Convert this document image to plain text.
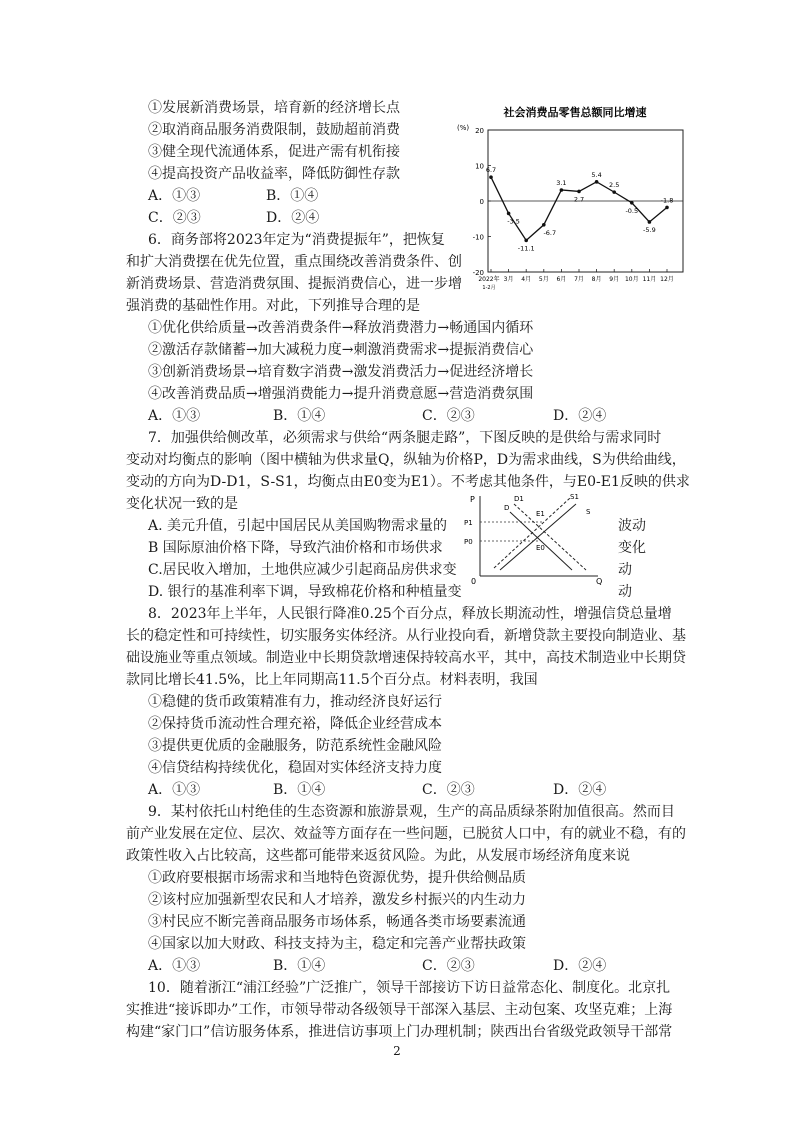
①发展新消费场景，培育新的经济增长点
②取消商品服务消费限制，鼓励超前消费
③健全现代流通体系，促进产需有机衔接
④提高投资产品收益率，降低防御性存款
A．①③	B．①④
C．②③	D．②④
社会消费品零售总额同比增速
(%) 20
10
0
-10
-20
2022年 3月 4月 5月 6月 7月 8月 9月 10月 11月 12月
1-2月
6.7
-3.5
-11.1
-6.7
3.1
2.7
5.4
2.5
-0.5
-5.9
-1.8
6．商务部将2023年定为“消费提振年”，把恢复
和扩大消费摆在优先位置，重点围绕改善消费条件、创
新消费场景、营造消费氛围、提振消费信心，进一步增
强消费的基础性作用。对此，下列推导合理的是
①优化供给质量→改善消费条件→释放消费潜力→畅通国内循环
②激活存款储蓄→加大减税力度→刺激消费需求→提振消费信心
③创新消费场景→培育数字消费→激发消费活力→促进经济增长
④改善消费品质→增强消费能力→提升消费意愿→营造消费氛围
A．①③	B．①④	C．②③	D．②④
7．加强供给侧改革，必须需求与供给“两条腿走路”，下图反映的是供给与需求同时
变动对均衡点的影响（图中横轴为供求量Q，纵轴为价格P，D为需求曲线，S为供给曲线，
变动的方向为D-D1，S-S1，均衡点由E0变为E1）。不考虑其他条件，与E0-E1反映的供求
变化状况一致的是
A. 美元升值，引起中国居民从美国购物需求量的	波动
B 国际原油价格下降，导致汽油价格和市场供求	变化
C.居民收入增加，土地供应减少引起商品房供求变	动
D. 银行的基准利率下调，导致棉花价格和种植量变	动
P
Q
0
P1
P0
D
D1
S
S1
E0
E1
8．2023年上半年，人民银行降准0.25个百分点，释放长期流动性，增强信贷总量增
长的稳定性和可持续性，切实服务实体经济。从行业投向看，新增贷款主要投向制造业、基
础设施业等重点领域。制造业中长期贷款增速保持较高水平，其中，高技术制造业中长期贷
款同比增长41.5%，比上年同期高11.5个百分点。材料表明，我国
①稳健的货币政策精准有力，推动经济良好运行
②保持货币流动性合理充裕，降低企业经营成本
③提供更优质的金融服务，防范系统性金融风险
④信贷结构持续优化，稳固对实体经济支持力度
A．①③	B．①④	C．②③	D．②④
9．某村依托山村绝佳的生态资源和旅游景观，生产的高品质绿茶附加值很高。然而目
前产业发展在定位、层次、效益等方面存在一些问题，已脱贫人口中，有的就业不稳，有的
政策性收入占比较高，这些都可能带来返贫风险。为此，从发展市场经济角度来说
①政府要根据市场需求和当地特色资源优势，提升供给侧品质
②该村应加强新型农民和人才培养，激发乡村振兴的内生动力
③村民应不断完善商品服务市场体系，畅通各类市场要素流通
④国家以加大财政、科技支持为主，稳定和完善产业帮扶政策
A．①③	B．①④	C．②③	D．②④
10．随着浙江“浦江经验”广泛推广，领导干部接访下访日益常态化、制度化。北京扎
实推进“接诉即办”工作，市领导带动各级领导干部深入基层、主动包案、攻坚克难；上海
构建“家门口”信访服务体系，推进信访事项上门办理机制；陕西出台省级党政领导干部常
2
